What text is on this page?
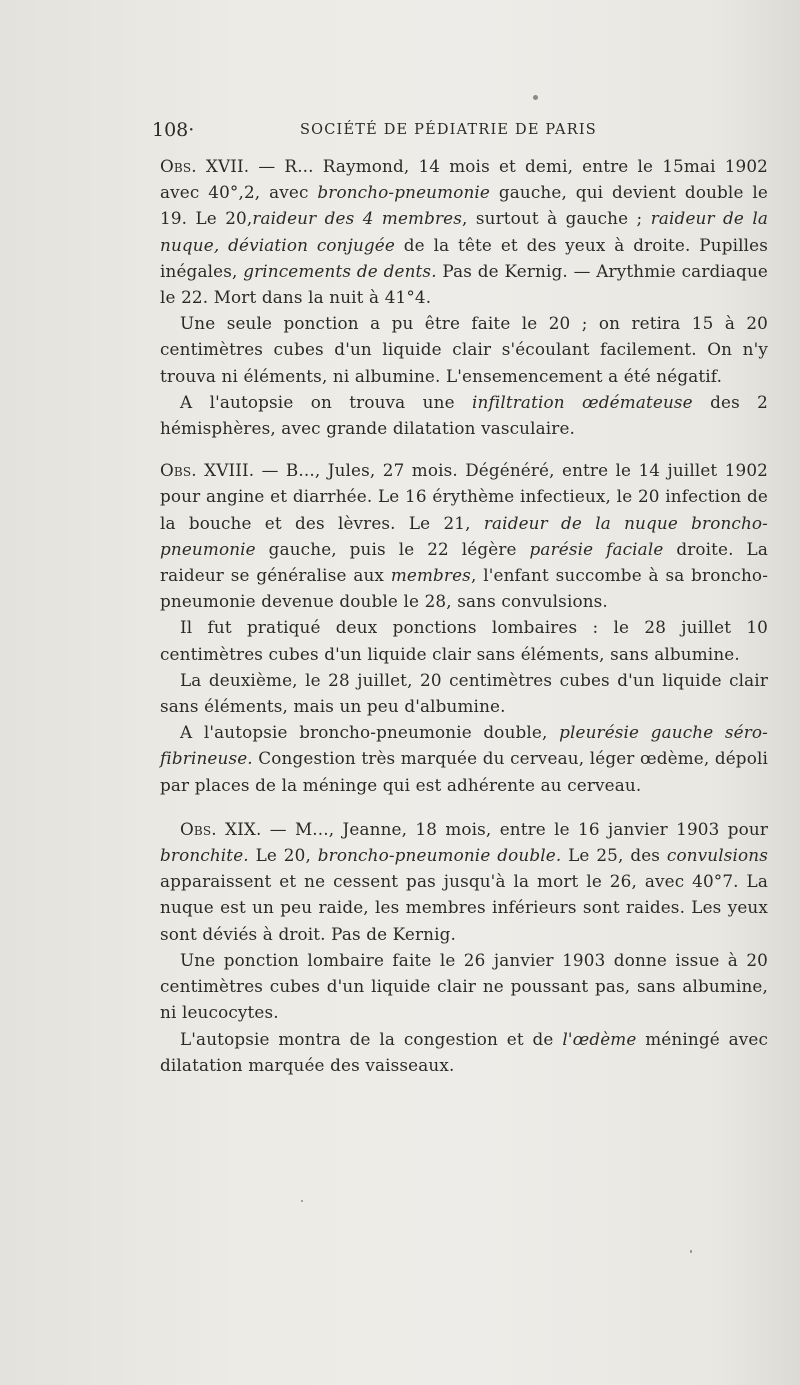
108·	SOCIÉTÉ DE PÉDIATRIE DE PARIS

Obs. XVII. — R... Raymond, 14 mois et demi, entre le 15mai 1902 avec 40°,2, avec broncho-pneumonie gauche, qui devient double le 19. Le 20,raideur des 4 membres, surtout à gauche ; raideur de la nuque, déviation conjugée de la tête et des yeux à droite. Pupilles inégales, grincements de dents. Pas de Kernig. — Arythmie cardiaque le 22. Mort dans la nuit à 41°4.

Une seule ponction a pu être faite le 20 ; on retira 15 à 20 centimètres cubes d'un liquide clair s'écoulant facilement. On n'y trouva ni éléments, ni albumine. L'ensemencement a été négatif.

A l'autopsie on trouva une infiltration œdémateuse des 2 hémisphères, avec grande dilatation vasculaire.

Obs. XVIII. — B..., Jules, 27 mois. Dégénéré, entre le 14 juillet 1902 pour angine et diarrhée. Le 16 érythème infectieux, le 20 infection de la bouche et des lèvres. Le 21, raideur de la nuque broncho-pneumonie gauche, puis le 22 légère parésie faciale droite. La raideur se généralise aux membres, l'enfant succombe à sa broncho-pneumonie devenue double le 28, sans convulsions.

Il fut pratiqué deux ponctions lombaires : le 28 juillet 10 centimètres cubes d'un liquide clair sans éléments, sans albumine.

La deuxième, le 28 juillet, 20 centimètres cubes d'un liquide clair sans éléments, mais un peu d'albumine.

A l'autopsie broncho-pneumonie double, pleurésie gauche séro-fibrineuse. Congestion très marquée du cerveau, léger œdème, dépoli par places de la méninge qui est adhérente au cerveau.

Obs. XIX. — M..., Jeanne, 18 mois, entre le 16 janvier 1903 pour bronchite. Le 20, broncho-pneumonie double. Le 25, des convulsions apparaissent et ne cessent pas jusqu'à la mort le 26, avec 40°7. La nuque est un peu raide, les membres inférieurs sont raides. Les yeux sont déviés à droit. Pas de Kernig.

Une ponction lombaire faite le 26 janvier 1903 donne issue à 20 centimètres cubes d'un liquide clair ne poussant pas, sans albumine, ni leucocytes.

L'autopsie montra de la congestion et de l'œdème méningé avec dilatation marquée des vaisseaux.
